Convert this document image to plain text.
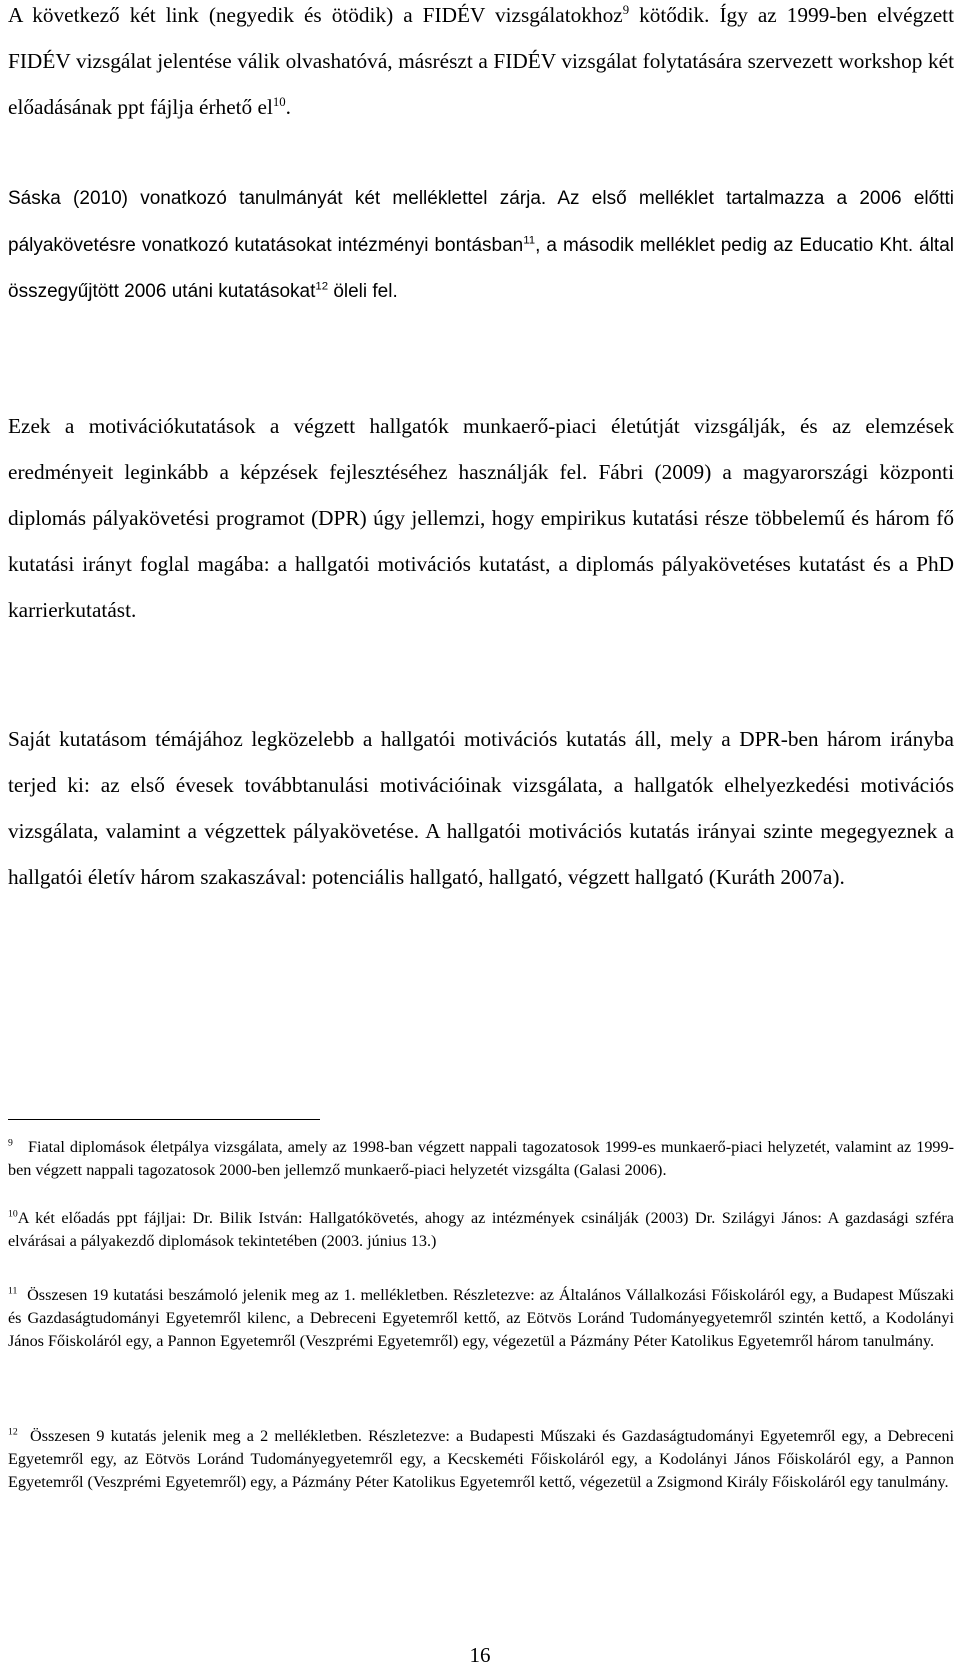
A következő két link (negyedik és ötödik) a FIDÉV vizsgálatokhoz$^9$ kötődik. Így az 1999-ben elvégzett FIDÉV vizsgálat jelentése válik olvashatóvá, másrészt a FIDÉV vizsgálat folytatására szervezett workshop két előadásának ppt fájlja érhető $el^{10}$.

Sáska (2010) vonatkozó tanulmányát két melléklettel zárja. Az első melléklet tartalmazza a 2006 előtti pályakövetésre vonatkozó kutatásokat intézményi bontásban$^{11}$, a második melléklet pedig az Educatio Kht. által összegyűjtött 2006 utáni kutatásokat$^{12}$ öleli fel.

Ezek a motivációkutatások a végzett hallgatók munkaerő-piaci életútját vizsgálják, és az elemzések eredményeit leginkább a képzések fejlesztéséhez használják fel. Fábri (2009) a magyarországi központi diplomás pályakövetési programot (DPR) úgy jellemzi, hogy empirikus kutatási része többelemű és három fő kutatási irányt foglal magába: a hallgatói motivációs kutatást, a diplomás pályakövetéses kutatást és a PhD karrierkutatást.

Saját kutatásom témájához legközelebb a hallgatói motivációs kutatás áll, mely a DPR-ben három irányba terjed ki: az első évesek továbbtanulási motivációinak vizsgálata, a hallgatók elhelyezkedési motivációs vizsgálata, valamint a végzettek pályakövetése. A hallgatói motivációs kutatás irányai szinte megegyeznek a hallgatói életív három szakaszával: potenciális hallgató, hallgató, végzett hallgató (Kuráth 2007a).

$^9$ Fiatal diplomások életpálya vizsgálata, amely az 1998-ban végzett nappali tagozatosok 1999-es munkaerő-piaci helyzetét, valamint az 1999-ben végzett nappali tagozatosok 2000-ben jellemző munkaerő-piaci helyzetét vizsgálta (Galasi 2006).

$^{10}$A két előadás ppt fájljai: Dr. Bilik István: Hallgatókövetés, ahogy az intézmények csinálják (2003) Dr. Szilágyi János: A gazdasági szféra elvárásai a pályakezdő diplomások tekintetében (2003. június 13.)

$^{11}$ Összesen 19 kutatási beszámoló jelenik meg az 1. mellékletben. Részletezve: az Általános Vállalkozási Főiskoláról egy, a Budapest Műszaki és Gazdaságtudományi Egyetemről kilenc, a Debreceni Egyetemről kettő, az Eötvös Loránd Tudományegyetemről szintén kettő, a Kodolányi János Főiskoláról egy, a Pannon Egyetemről (Veszprémi Egyetemről) egy, végezetül a Pázmány Péter Katolikus Egyetemről három tanulmány.

$^{12}$ Összesen 9 kutatás jelenik meg a 2 mellékletben. Részletezve: a Budapesti Műszaki és Gazdaságtudományi Egyetemről egy, a Debreceni Egyetemről egy, az Eötvös Loránd Tudományegyetemről egy, a Kecskeméti Főiskoláról egy, a Kodolányi János Főiskoláról egy, a Pannon Egyetemről (Veszprémi Egyetemről) egy, a Pázmány Péter Katolikus Egyetemről kettő, végezetül a Zsigmond Király Főiskoláról egy tanulmány.

16
